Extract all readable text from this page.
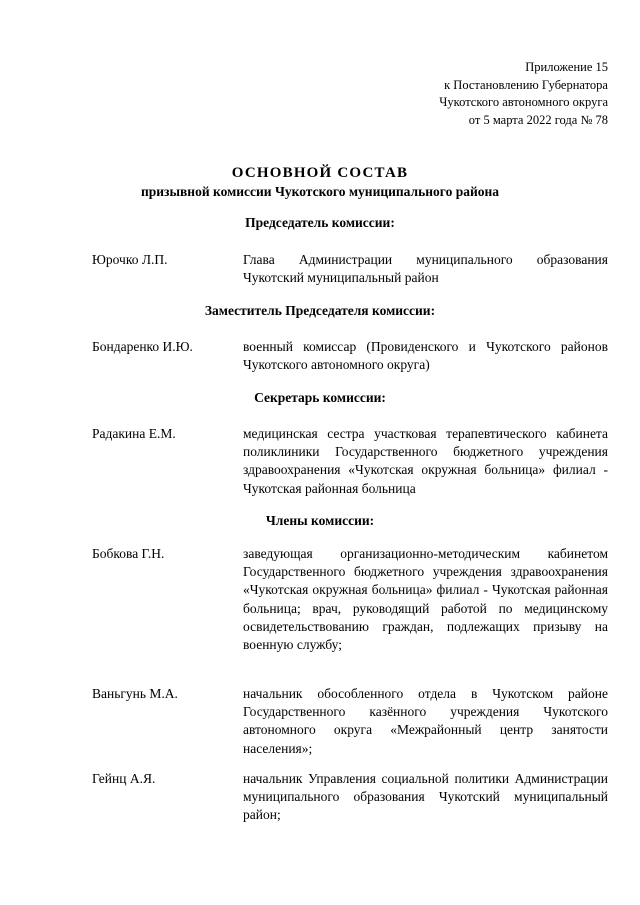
Приложение 15
к Постановлению Губернатора
Чукотского автономного округа
от 5 марта 2022 года № 78
ОСНОВНОЙ СОСТАВ
призывной комиссии Чукотского муниципального района
Председатель комиссии:
Юрочко Л.П.	Глава Администрации муниципального образования Чукотский муниципальный район
Заместитель Председателя комиссии:
Бондаренко И.Ю.	военный комиссар (Провиденского и Чукотского районов Чукотского автономного округа)
Секретарь комиссии:
Радакина Е.М.	медицинская сестра участковая терапевтического кабинета поликлиники Государственного бюджетного учреждения здравоохранения «Чукотская окружная больница» филиал - Чукотская районная больница
Члены комиссии:
Бобкова Г.Н.	заведующая организационно-методическим кабинетом Государственного бюджетного учреждения здравоохранения «Чукотская окружная больница» филиал - Чукотская районная больница; врач, руководящий работой по медицинскому освидетельствованию граждан, подлежащих призыву на военную службу;
Ваньгунь М.А.	начальник обособленного отдела в Чукотском районе Государственного казённого учреждения Чукотского автономного округа «Межрайонный центр занятости населения»;
Гейнц А.Я.	начальник Управления социальной политики Администрации муниципального образования Чукотский муниципальный район;
